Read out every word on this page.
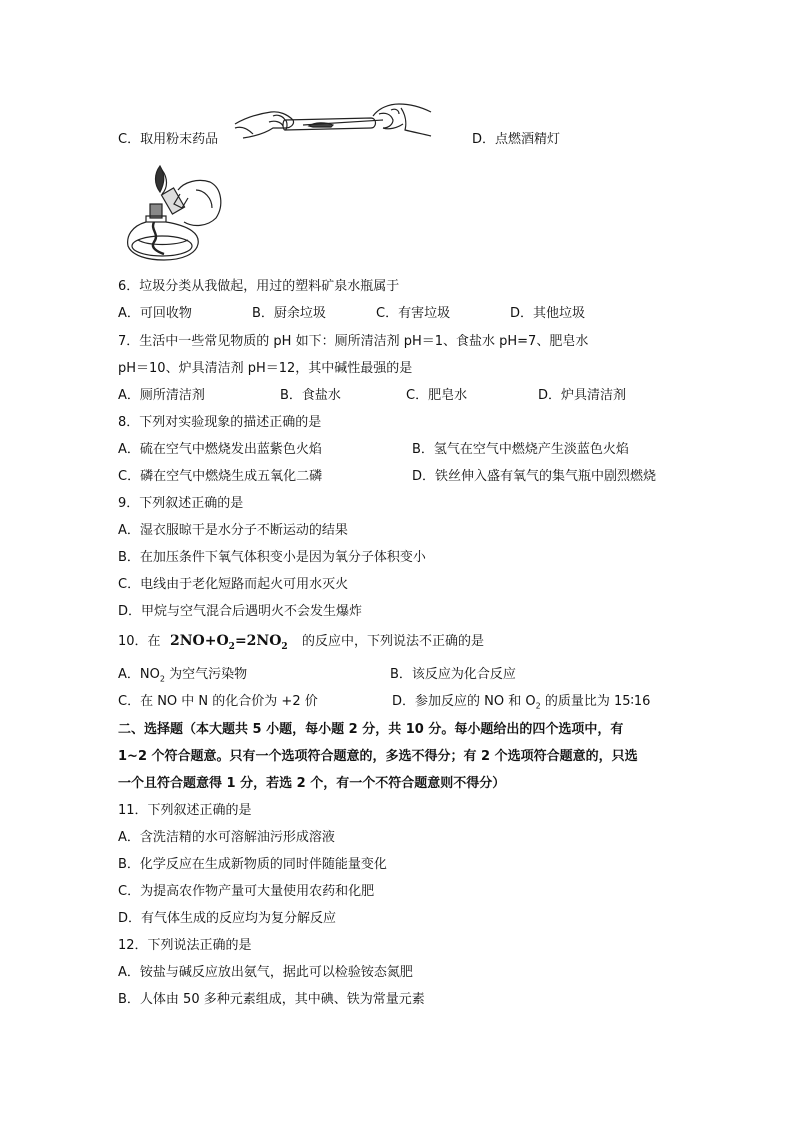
C．取用粉末药品	D．点燃酒精灯
6．垃圾分类从我做起，用过的塑料矿泉水瓶属于
A．可回收物	B．厨余垃圾	C．有害垃圾	D．其他垃圾
7．生活中一些常见物质的 pH 如下：厕所清洁剂 pH＝1、食盐水 pH=7、肥皂水
pH＝10、炉具清洁剂 pH＝12，其中碱性最强的是
A．厕所清洁剂	B．食盐水	C．肥皂水	D．炉具清洁剂
8．下列对实验现象的描述正确的是
A．硫在空气中燃烧发出蓝紫色火焰	B．氢气在空气中燃烧产生淡蓝色火焰
C．磷在空气中燃烧生成五氧化二磷	D．铁丝伸入盛有氧气的集气瓶中剧烈燃烧
9．下列叙述正确的是
A．湿衣服晾干是水分子不断运动的结果
B．在加压条件下氧气体积变小是因为氧分子体积变小
C．电线由于老化短路而起火可用水灭火
D．甲烷与空气混合后遇明火不会发生爆炸
10．在 $2NO+O_2=2NO_2$ 的反应中，下列说法不正确的是
A．$NO_2$ 为空气污染物	B．该反应为化合反应
C．在 NO 中 N 的化合价为 +2 价	D．参加反应的 NO 和 $O_2$ 的质量比为 15∶16
二、选择题（本大题共 5 小题，每小题 2 分，共 10 分。每小题给出的四个选项中，有
1~2 个符合题意。只有一个选项符合题意的，多选不得分；有 2 个选项符合题意的，只选
一个且符合题意得 1 分，若选 2 个，有一个不符合题意则不得分）
11．下列叙述正确的是
A．含洗洁精的水可溶解油污形成溶液
B．化学反应在生成新物质的同时伴随能量变化
C．为提高农作物产量可大量使用农药和化肥
D．有气体生成的反应均为复分解反应
12．下列说法正确的是
A．铵盐与碱反应放出氨气，据此可以检验铵态氮肥
B．人体由 50 多种元素组成，其中碘、铁为常量元素
